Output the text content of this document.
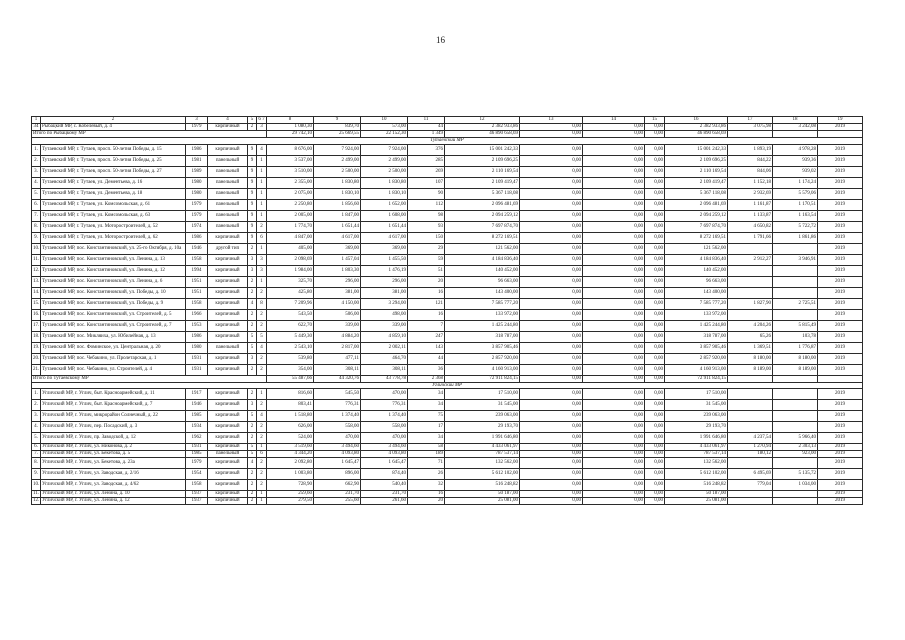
16
1	2	3	4	5	6 7	8	9	10	11	12	13	14	15	16	17	18	19
34	Рыбацкий МР, с. Кобелевый, д. 4	1979	кирпичный	2	3	1 080,30	839,70	573,00	44	2 382 933,86	0,00	0,00	0,00	2 382 933,86	3 075,98	3 242,08	2019
Итого по Рыбацкому МР						29 742,10	25 669,55	22 152,30	1 349	46 890 658,69	0,00	0,00	0,00	46 890 658,69			
Тутаевский МР																	
1.	Тутаевский МР, г. Тутаев, просп. 50-летия Победы, д. 15	1986	кирпичный	9	4	8 676,00	7 924,00	7 924,00	376	15 001 242,33	0,00	0,00	0,00	15 001 242,33	1 893,19	4 978,28	2019
2.	Тутаевский МР, г. Тутаев, просп. 50-летия Победы, д. 25	1981	панельный	9	1	3 537,00	2 499,00	2 499,00	285	2 109 696,25	0,00	0,00	0,00	2 109 696,25	844,22	939,36	2019
3.	Тутаевский МР, г. Тутаев, просп. 50-летия Победы, д. 27	1989	панельный	9	1	3 510,00	2 500,00	2 500,00	269	2 110 169,54	0,00	0,00	0,00	2 110 169,54	844,06	939,02	2019
4.	Тутаевский МР, г. Тутаев, ул. Дементьева, д. 16	1980	панельный	9	1	2 355,00	1 830,80	1 830,80	107	2 109 419,47	0,00	0,00	0,00	2 109 419,47	1 152,18	1 174,24	2019
5.	Тутаевский МР, г. Тутаев, ул. Дементьева, д. 18	1980	панельный	9	1	2 075,00	1 830,10	1 830,10	90	5 367 118,08	0,00	0,00	0,00	5 367 118,08	2 932,69	5 579,06	2019
6.	Тутаевский МР, г. Тутаев, ул. Комсомольская, д. 61	1979	панельный	9	1	2 250,80	1 856,60	1 652,00	112	2 096 481,69	0,00	0,00	0,00	2 096 481,69	1 161,87	1 170,51	2019
7.	Тутаевский МР, г. Тутаев, ул. Комсомольская, д. 63	1979	панельный	9	1	2 005,00	1 847,00	1 608,00	98	2 094 259,12	0,00	0,00	0,00	2 094 259,12	1 133,87	1 163,54	2019
8.	Тутаевский МР, г. Тутаев, ул. Моторостроителей, д. 52	1974	панельный	9	2	1 774,70	1 651,44	1 651,44	93	7 697 874,70	0,00	0,00	0,00	7 697 874,70	4 650,82	5 722,72	2019
9.	Тутаевский МР, г. Тутаев, ул. Моторостроителей, д. 62	1986	кирпичный	9	6	4 847,00	4 617,00	4 617,00	150	8 272 169,51	0,00	0,00	0,00	8 272 169,51	1 791,66	1 861,86	2019
10.	Тутаевский МР, пос. Константиновский, ул. 25-го Октября, д. 10а	1946	другой тип	2	1	405,00	369,00	369,00	29	121 562,00	0,00	0,00	0,00	121 562,00			2019
11.	Тутаевский МР, пос. Константиновский, ул. Ленина, д. 13	1958	кирпичный	3	3	2 098,69	1 457,04	1 455,50	59	4 184 836,40	0,00	0,00	0,00	4 184 836,40	2 912,27	3 946,91	2019
12.	Тутаевский МР, пос. Константиновский, ул. Ленина, д. 12	1994	кирпичный	3	3	1 984,00	1 803,30	1 476,19	51	140 452,00	0,00	0,00	0,00	140 452,00			2019
13.	Тутаевский МР, пос. Константиновский, ул. Ленина, д. 6	1951	кирпичный	2	1	325,70	296,00	296,00	20	96 663,00	0,00	0,00	0,00	96 663,00			2019
14.	Тутаевский МР, пос. Константиновский, ул. Победы, д. 10	1951	кирпичный	2	2	425,80	381,00	381,00	16	143 400,00	0,00	0,00	0,00	143 400,00			2019
15.	Тутаевский МР, пос. Константиновский, ул. Победы, д. 9	1958	кирпичный	4	8	7 209,96	4 150,00	3 294,00	121	7 585 777,20	0,00	0,00	0,00	7 585 777,20	1 827,90	2 725,51	2019
16.	Тутаевский МР, пос. Константиновский, ул. Строителей, д. 5	1966	кирпичный	2	2	543,50	506,00	498,00	16	133 972,00	0,00	0,00	0,00	133 972,00			2019
17.	Тутаевский МР, пос. Константиновский, ул. Строителей, д. 7	1953	кирпичный	2	2	622,70	339,00	339,00	7	1 425 244,80	0,00	0,00	0,00	1 425 244,80	4 204,26	5 815,49	2019
18.	Тутаевский МР, пос. Микляиха, ул. Юбилейная, д. 13	1986	кирпичный	5	5	5 449,30	4 884,20	4 859,10	247	318 787,00	0,00	0,00	0,00	318 787,00	65,26	103,78	2019
19.	Тутаевский МР, пос. Фоминское, ул. Центральная, д. 20	1980	панельный	5	4	2 543,10	2 817,00	2 002,11	143	3 857 905,46	0,00	0,00	0,00	3 857 905,46	1 369,51	1 776,87	2019
20.	Тутаевский МР, пос. Чебакино, ул. Пролетарская, д. 1	1931	кирпичный	3	2	539,80	477,11	464,70	44	2 857 920,00	0,00	0,00	0,00	2 857 920,00	8 180,00	8 180,00	2019
21.	Тутаевский МР, пос. Чебакино, ул. Строителей, д. 4	1931	кирпичный	2	2	354,00	308,11	308,11	36	4 160 913,00	0,00	0,00	0,00	4 160 913,00	8 189,00	8 189,00	2019
Итого по Тутаевскому МР						55 487,66	44 320,76	43 778,78	2 368	72 911 824,15	0,00	0,00	0,00	72 911 824,15			
Угличский МР																	
1.	Угличский МР, г. Углич, быт. Красноармейский, д. 11	1917	кирпичный	2	1	816,60	545,50	470,00	34	17 510,00	0,00	0,00	0,00	17 510,00			2019
2.	Угличский МР, г. Углич, быт. Красноармейский, д. 7	1946	кирпичный	3	2	803,41	776,31	776,31	34	31 545,00	0,00	0,00	0,00	31 545,00			2019
3.	Угличский МР, г. Углич, микрорайон Солнечный, д. 22	1985	кирпичный	5	4	1 518,80	1 374,40	1 374,40	75	239 063,00	0,00	0,00	0,00	239 063,00			2019
4.	Угличский МР, г. Углич, пер. Посадский, д. 3	1934	кирпичный	2	2	626,00	558,00	558,00	17	29 193,70	0,00	0,00	0,00	29 193,70			2019
5.	Угличский МР, г. Углич, пр. Заводской, д. 12	1962	кирпичный	2	2	524,00	470,00	470,00	34	1 991 646,80	0,00	0,00	0,00	1 991 646,80	4 237,54	5 966,40	2019
6.	Угличский МР, г. Углич, ул. Никонова, д. 2	1931	кирпичный	5	1	3 519,60	3 494,60	3 494,60	58	4 433 061,97	0,00	0,00	0,00	4 433 061,97	1 270,94	2 303,13	2019
7.	Угличский МР, г. Углич, ул. Бекетова, д. 5	1985	панельный	5	6	4 344,20	4 093,80	4 093,80	189	787 537,14	0,00	0,00	0,00	787 537,14	180,12	923,00	2019
8.	Угличский МР, г. Углич, ул. Бекетова, д. 23а	1979	кирпичный	4	2	2 092,80	1 645,47	1 645,47	71	132 562,00	0,00	0,00	0,00	132 562,00			2019
9.	Угличский МР, г. Углич, ул. Заводская, д. 2/16	1954	кирпичный	2	2	1 003,80	896,00	874,40	26	5 612 102,00	0,00	0,00	0,00	5 612 102,00	6 495,69	5 135,72	2019
10.	Угличский МР, г. Углич, ул. Заводская, д. 4/62	1958	кирпичный	2	2	728,90	662,90	540,40	32	516 248,82	0,00	0,00	0,00	516 248,82	779,04	1 034,00	2019
11.	Угличский МР, г. Углич, ул. Ленина, д. 10	1937	кирпичный	2	1	259,60	231,70	231,70	16	50 187,00	0,00	0,00	0,00	50 187,00			2019
12.	Угличский МР, г. Углич, ул. Ленина, д. 12	1937	кирпичный	2	1	279,50	255,60	261,60	20	25 081,00	0,00	0,00	0,00	25 081,00			2019
